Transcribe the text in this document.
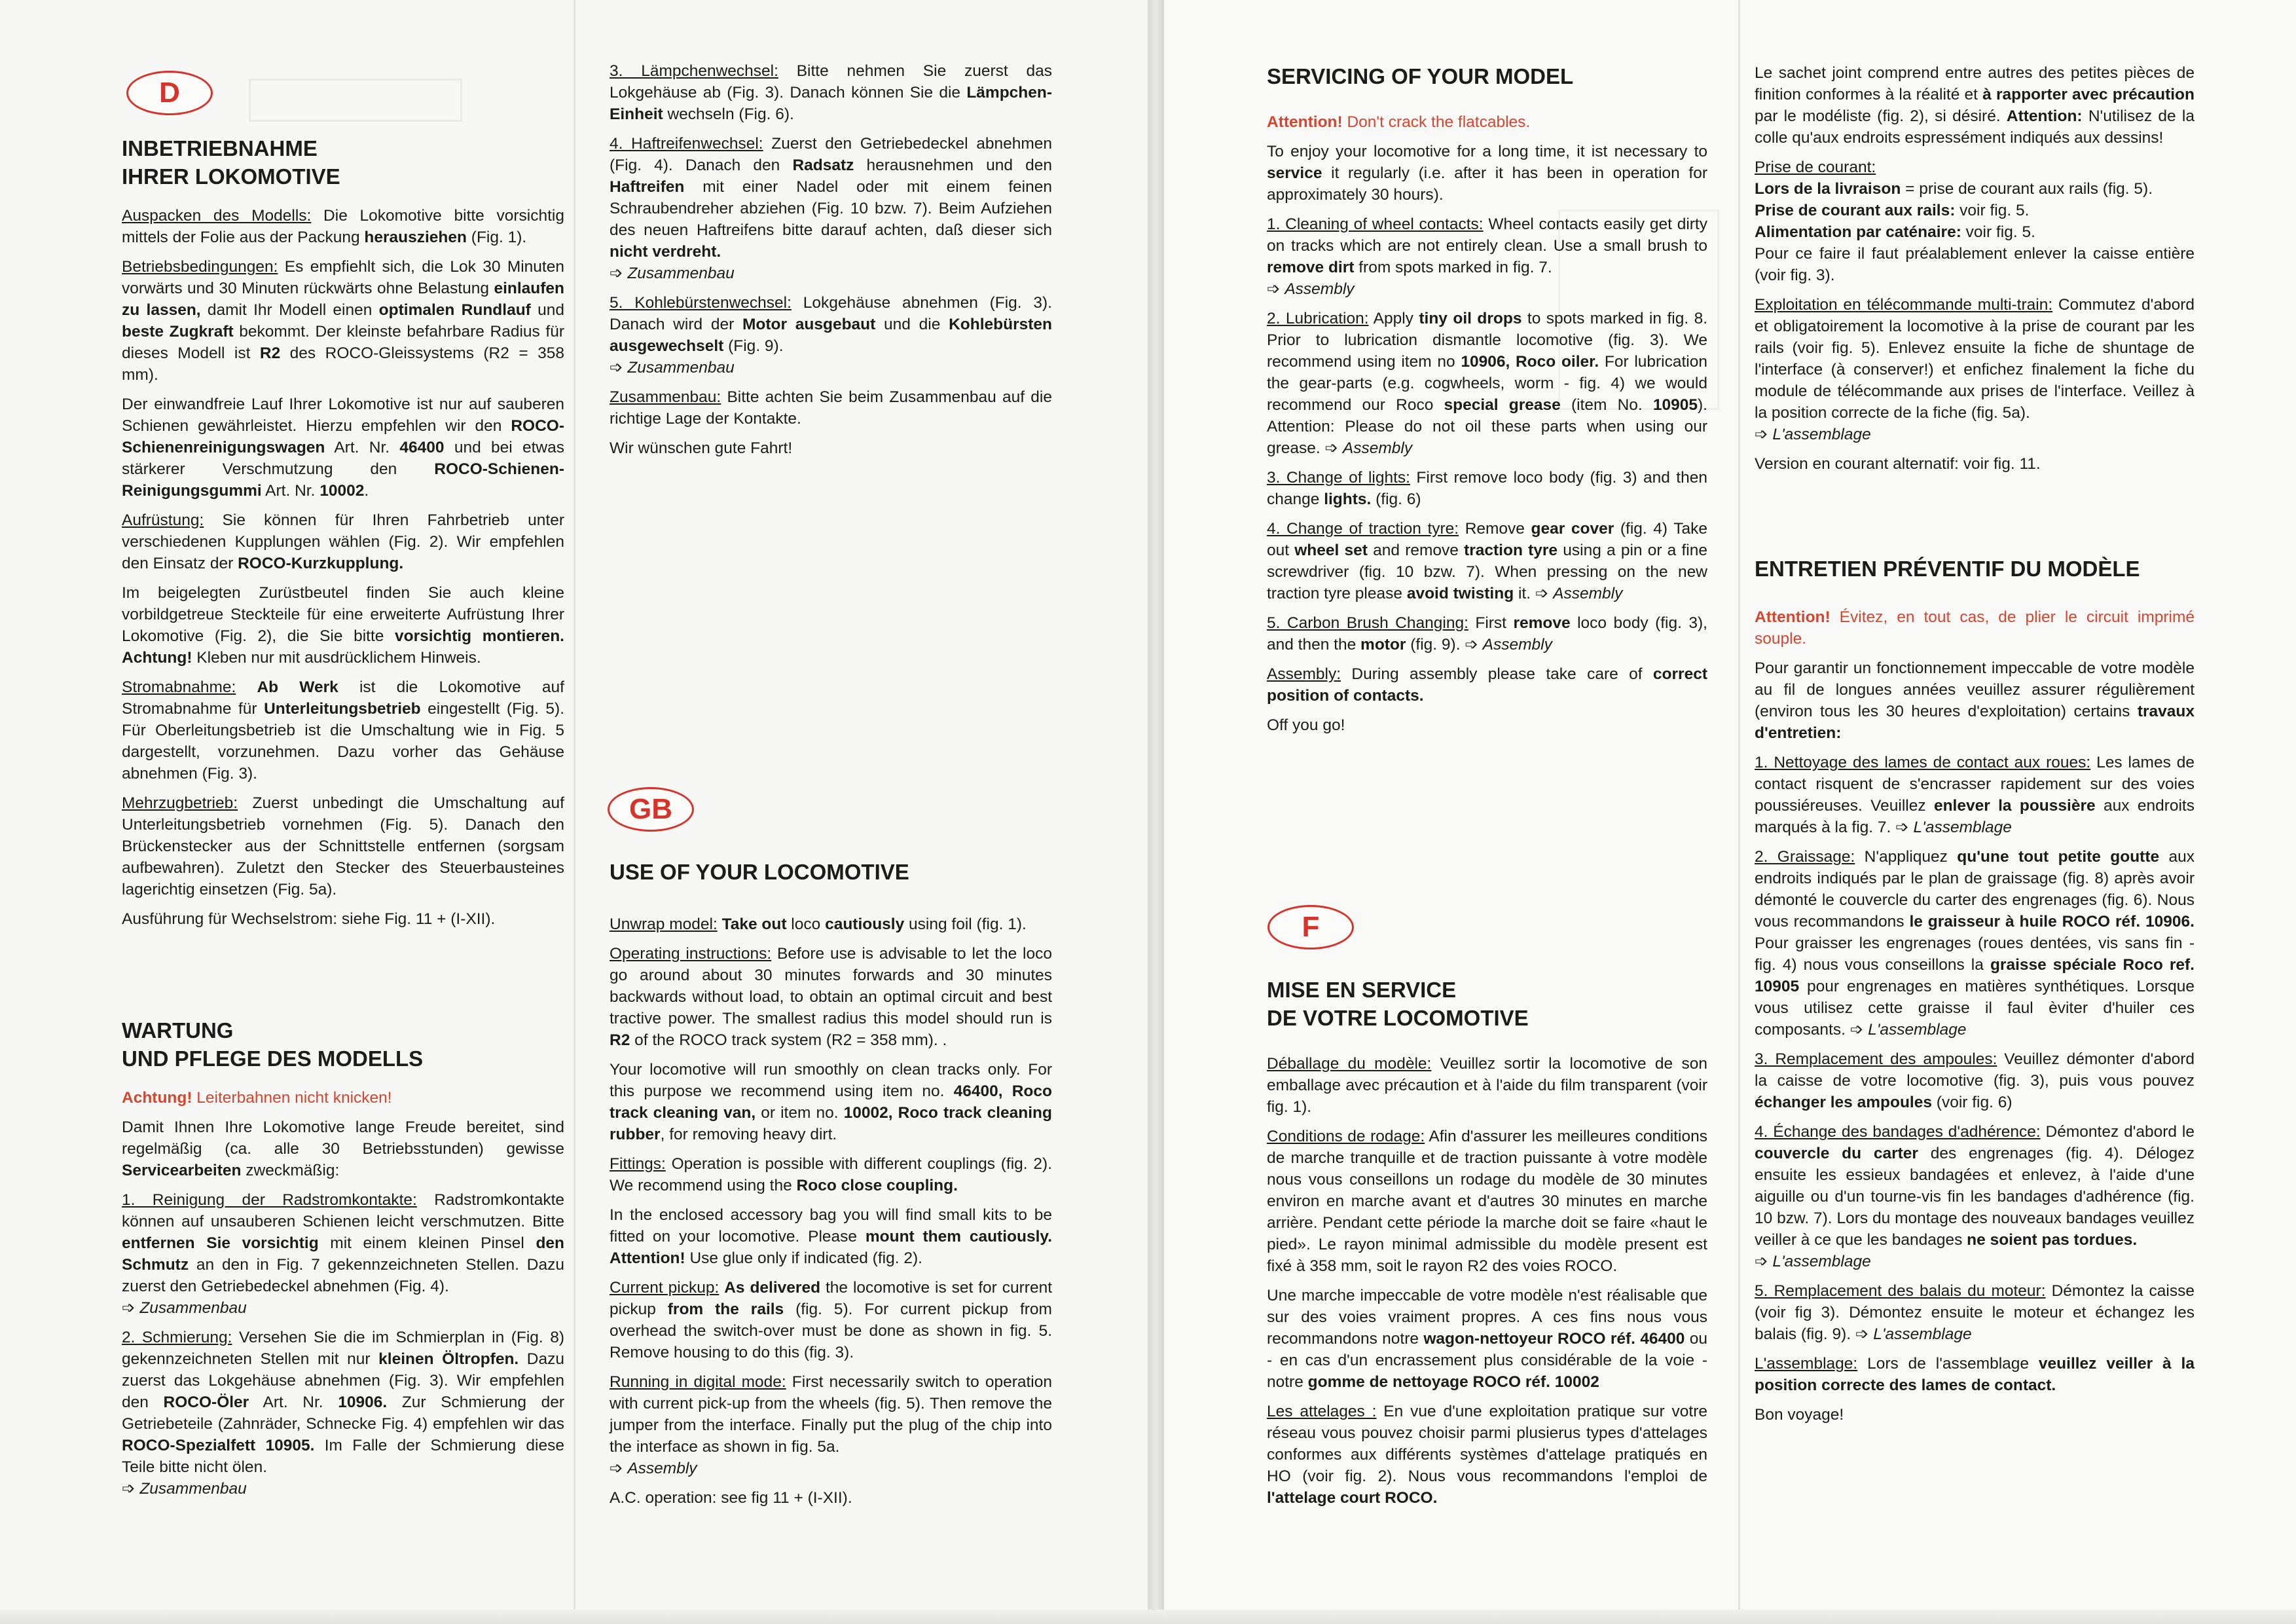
D
INBETRIEBNAHME
IHRER LOKOMOTIVE

Auspacken des Modells: Die Lokomotive bitte vorsichtig mittels der Folie aus der Packung herausziehen (Fig. 1).

Betriebsbedingungen: Es empfiehlt sich, die Lok 30 Minuten vorwärts und 30 Minuten rückwärts ohne Belastung einlaufen zu lassen, damit Ihr Modell einen optimalen Rundlauf und beste Zugkraft bekommt. Der kleinste befahrbare Radius für dieses Modell ist R2 des ROCO-Gleissystems (R2 = 358 mm).

Der einwandfreie Lauf Ihrer Lokomotive ist nur auf sauberen Schienen gewährleistet. Hierzu empfehlen wir den ROCO-Schienenreinigungswagen Art. Nr. 46400 und bei etwas stärkerer Verschmutzung den ROCO-Schienen-Reinigungsgummi Art. Nr. 10002.

Aufrüstung: Sie können für Ihren Fahrbetrieb unter verschiedenen Kupplungen wählen (Fig. 2). Wir empfehlen den Einsatz der ROCO-Kurzkupplung.

Im beigelegten Zurüstbeutel finden Sie auch kleine vorbildgetreue Steckteile für eine erweiterte Aufrüstung Ihrer Lokomotive (Fig. 2), die Sie bitte vorsichtig montieren. Achtung! Kleben nur mit ausdrücklichem Hinweis.

Stromabnahme: Ab Werk ist die Lokomotive auf Stromabnahme für Unterleitungsbetrieb eingestellt (Fig. 5). Für Oberleitungsbetrieb ist die Umschaltung wie in Fig. 5 dargestellt, vorzunehmen. Dazu vorher das Gehäuse abnehmen (Fig. 3).

Mehrzugbetrieb: Zuerst unbedingt die Umschaltung auf Unterleitungsbetrieb vornehmen (Fig. 5). Danach den Brückenstecker aus der Schnittstelle entfernen (sorgsam aufbewahren). Zuletzt den Stecker des Steuerbausteines lagerichtig einsetzen (Fig. 5a).

Ausführung für Wechselstrom: siehe Fig. 11 + (I-XII).

WARTUNG
UND PFLEGE DES MODELLS

Achtung! Leiterbahnen nicht knicken!

Damit Ihnen Ihre Lokomotive lange Freude bereitet, sind regelmäßig (ca. alle 30 Betriebsstunden) gewisse Servicearbeiten zweckmäßig:

1. Reinigung der Radstromkontakte: Radstromkontakte können auf unsauberen Schienen leicht verschmutzen. Bitte entfernen Sie vorsichtig mit einem kleinen Pinsel den Schmutz an den in Fig. 7 gekennzeichneten Stellen. Dazu zuerst den Getriebedeckel abnehmen (Fig. 4).
➩ Zusammenbau

2. Schmierung: Versehen Sie die im Schmierplan in (Fig. 8) gekennzeichneten Stellen mit nur kleinen Öltropfen. Dazu zuerst das Lokgehäuse abnehmen (Fig. 3). Wir empfehlen den ROCO-Öler Art. Nr. 10906. Zur Schmierung der Getriebeteile (Zahnräder, Schnecke Fig. 4) empfehlen wir das ROCO-Spezialfett 10905. Im Falle der Schmierung diese Teile bitte nicht ölen.
➩ Zusammenbau

3. Lämpchenwechsel: Bitte nehmen Sie zuerst das Lokgehäuse ab (Fig. 3). Danach können Sie die Lämpchen-Einheit wechseln (Fig. 6).

4. Haftreifenwechsel: Zuerst den Getriebedeckel abnehmen (Fig. 4). Danach den Radsatz herausnehmen und den Haftreifen mit einer Nadel oder mit einem feinen Schraubendreher abziehen (Fig. 10 bzw. 7). Beim Aufziehen des neuen Haftreifens bitte darauf achten, daß dieser sich nicht verdreht.
➩ Zusammenbau

5. Kohlebürstenwechsel: Lokgehäuse abnehmen (Fig. 3). Danach wird der Motor ausgebaut und die Kohlebürsten ausgewechselt (Fig. 9).
➩ Zusammenbau

Zusammenbau: Bitte achten Sie beim Zusammenbau auf die richtige Lage der Kontakte.

Wir wünschen gute Fahrt!

GB
USE OF YOUR LOCOMOTIVE

Unwrap model: Take out loco cautiously using foil (fig. 1).

Operating instructions: Before use is advisable to let the loco go around about 30 minutes forwards and 30 minutes backwards without load, to obtain an optimal circuit and best tractive power. The smallest radius this model should run is R2 of the ROCO track system (R2 = 358 mm). .

Your locomotive will run smoothly on clean tracks only. For this purpose we recommend using item no. 46400, Roco track cleaning van, or item no. 10002, Roco track cleaning rubber, for removing heavy dirt.

Fittings: Operation is possible with different couplings (fig. 2). We recommend using the Roco close coupling.

In the enclosed accessory bag you will find small kits to be fitted on your locomotive. Please mount them cautiously. Attention! Use glue only if indicated (fig. 2).

Current pickup: As delivered the locomotive is set for current pickup from the rails (fig. 5). For current pickup from overhead the switch-over must be done as shown in fig. 5. Remove housing to do this (fig. 3).

Running in digital mode: First necessarily switch to operation with current pick-up from the wheels (fig. 5). Then remove the jumper from the interface. Finally put the plug of the chip into the interface as shown in fig. 5a.
➩ Assembly

A.C. operation: see fig 11 + (I-XII).

SERVICING OF YOUR MODEL

Attention! Don't crack the flatcables.

To enjoy your locomotive for a long time, it ist necessary to service it regularly (i.e. after it has been in operation for approximately 30 hours).

1. Cleaning of wheel contacts: Wheel contacts easily get dirty on tracks which are not entirely clean. Use a small brush to remove dirt from spots marked in fig. 7.
➩ Assembly

2. Lubrication: Apply tiny oil drops to spots marked in fig. 8. Prior to lubrication dismantle locomotive (fig. 3). We recommend using item no 10906, Roco oiler. For lubrication the gear-parts (e.g. cogwheels, worm - fig. 4) we would recommend our Roco special grease (item No. 10905). Attention: Please do not oil these parts when using our grease. ➩ Assembly

3. Change of lights: First remove loco body (fig. 3) and then change lights. (fig. 6)

4. Change of traction tyre: Remove gear cover (fig. 4) Take out wheel set and remove traction tyre using a pin or a fine screwdriver (fig. 10 bzw. 7). When pressing on the new traction tyre please avoid twisting it. ➩ Assembly

5. Carbon Brush Changing: First remove loco body (fig. 3), and then the motor (fig. 9). ➩ Assembly

Assembly: During assembly please take care of correct position of contacts.

Off you go!

F
MISE EN SERVICE
DE VOTRE LOCOMOTIVE

Déballage du modèle: Veuillez sortir la locomotive de son emballage avec précaution et à l'aide du film transparent (voir fig. 1).

Conditions de rodage: Afin d'assurer les meilleures conditions de marche tranquille et de traction puissante à votre modèle nous vous conseillons un rodage du modèle de 30 minutes environ en marche avant et d'autres 30 minutes en marche arrière. Pendant cette période la marche doit se faire «haut le pied». Le rayon minimal admissible du modèle present est fixé à 358 mm, soit le rayon R2 des voies ROCO.

Une marche impeccable de votre modèle n'est réalisable que sur des voies vraiment propres. A ces fins nous vous recommandons notre wagon-nettoyeur ROCO réf. 46400 ou - en cas d'un encrassement plus considérable de la voie - notre gomme de nettoyage ROCO réf. 10002

Les attelages : En vue d'une exploitation pratique sur votre réseau vous pouvez choisir parmi plusierus types d'attelages conformes aux différents systèmes d'attelage pratiqués en HO (voir fig. 2). Nous vous recommandons l'emploi de l'attelage court ROCO.

Le sachet joint comprend entre autres des petites pièces de finition conformes à la réalité et à rapporter avec précaution par le modéliste (fig. 2), si désiré. Attention: N'utilisez de la colle qu'aux endroits espressément indiqués aux dessins!

Prise de courant:
Lors de la livraison = prise de courant aux rails (fig. 5).
Prise de courant aux rails: voir fig. 5.
Alimentation par caténaire: voir fig. 5.
Pour ce faire il faut préalablement enlever la caisse entière (voir fig. 3).

Exploitation en télécommande multi-train: Commutez d'abord et obligatoirement la locomotive à la prise de courant par les rails (voir fig. 5). Enlevez ensuite la fiche de shuntage de l'interface (à conserver!) et enfichez finalement la fiche du module de télécommande aux prises de l'interface. Veillez à la position correcte de la fiche (fig. 5a).
➩ L'assemblage

Version en courant alternatif: voir fig. 11.

ENTRETIEN PRÉVENTIF DU MODÈLE

Attention! Évitez, en tout cas, de plier le circuit imprimé souple.

Pour garantir un fonctionnement impeccable de votre modèle au fil de longues années veuillez assurer régulièrement (environ tous les 30 heures d'exploitation) certains travaux d'entretien:

1. Nettoyage des lames de contact aux roues: Les lames de contact risquent de s'encrasser rapidement sur des voies poussiéreuses. Veuillez enlever la poussière aux endroits marqués à la fig. 7. ➩ L'assemblage

2. Graissage: N'appliquez qu'une tout petite goutte aux endroits indiqués par le plan de graissage (fig. 8) après avoir démonté le couvercle du carter des engrenages (fig. 6). Nous vous recommandons le graisseur à huile ROCO réf. 10906. Pour graisser les engrenages (roues dentées, vis sans fin - fig. 4) nous vous conseillons la graisse spéciale Roco ref. 10905 pour engrenages en matières synthétiques. Lorsque vous utilisez cette graisse il faul èviter d'huiler ces composants. ➩ L'assemblage

3. Remplacement des ampoules: Veuillez démonter d'abord la caisse de votre locomotive (fig. 3), puis vous pouvez échanger les ampoules (voir fig. 6)

4. Échange des bandages d'adhérence: Démontez d'abord le couvercle du carter des engrenages (fig. 4). Délogez ensuite les essieux bandagées et enlevez, à l'aide d'une aiguille ou d'un tourne-vis fin les bandages d'adhérence (fig. 10 bzw. 7). Lors du montage des nouveaux bandages veuillez veiller à ce que les bandages ne soient pas tordues.
➩ L'assemblage

5. Remplacement des balais du moteur: Démontez la caisse (voir fig 3). Démontez ensuite le moteur et échangez les balais (fig. 9). ➩ L'assemblage

L'assemblage: Lors de l'assemblage veuillez veiller à la position correcte des lames de contact.

Bon voyage!
